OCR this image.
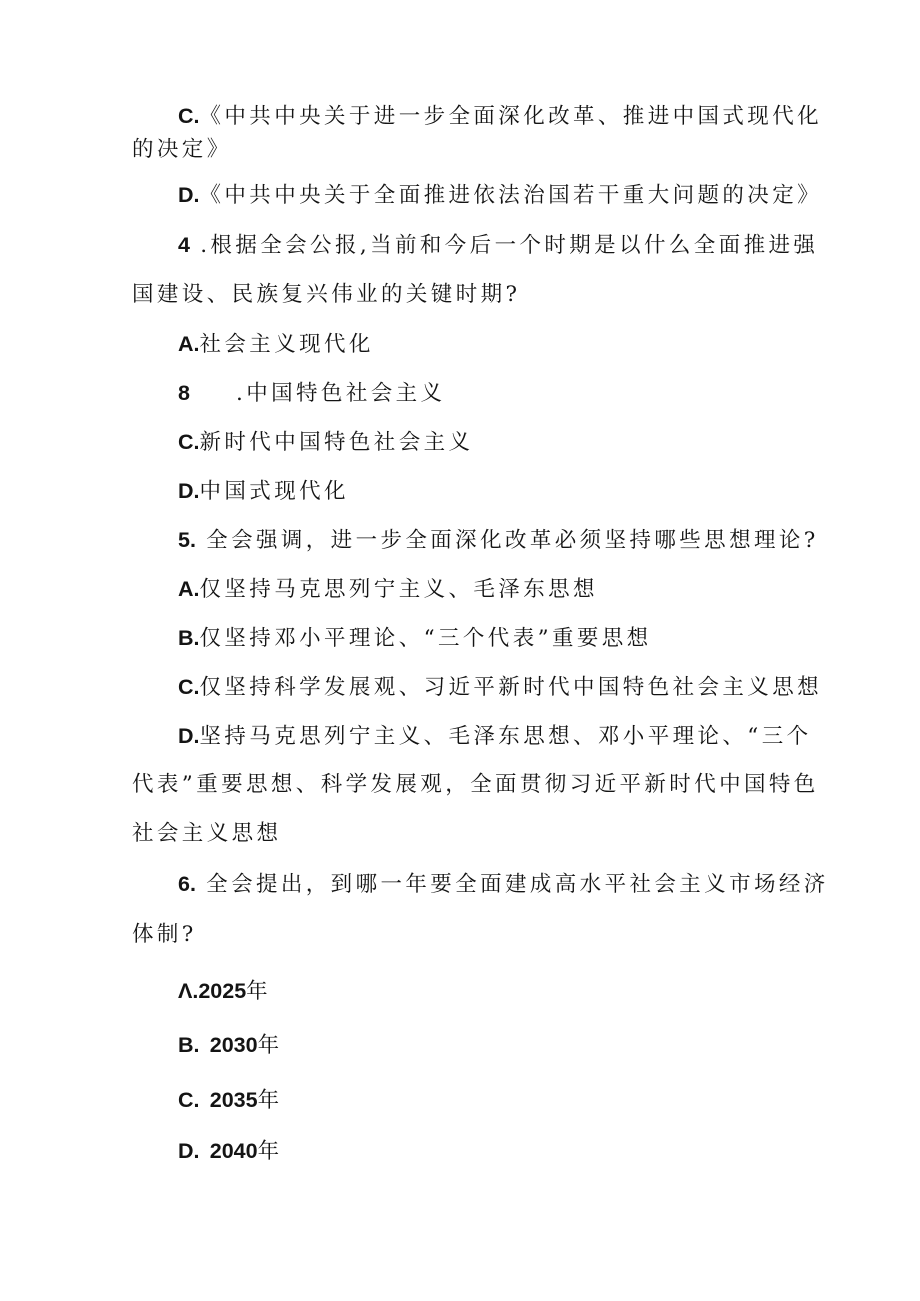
C.《中共中央关于进一步全面深化改革、推进中国式现代化
的决定》
D.《中共中央关于全面推进依法治国若干重大问题的决定》
4 .根据全会公报,当前和今后一个时期是以什么全面推进强
国建设、民族复兴伟业的关键时期?
A.社会主义现代化
8 .中国特色社会主义
C.新时代中国特色社会主义
D.中国式现代化
5. 全会强调，进一步全面深化改革必须坚持哪些思想理论?
A.仅坚持马克思列宁主义、毛泽东思想
B.仅坚持邓小平理论、“三个代表”重要思想
C.仅坚持科学发展观、习近平新时代中国特色社会主义思想
D.坚持马克思列宁主义、毛泽东思想、邓小平理论、“三个
代表”重要思想、科学发展观，全面贯彻习近平新时代中国特色
社会主义思想
6. 全会提出，到哪一年要全面建成高水平社会主义市场经济
体制?
Λ.2025年
B. 2030年
C. 2035年
D. 2040年
